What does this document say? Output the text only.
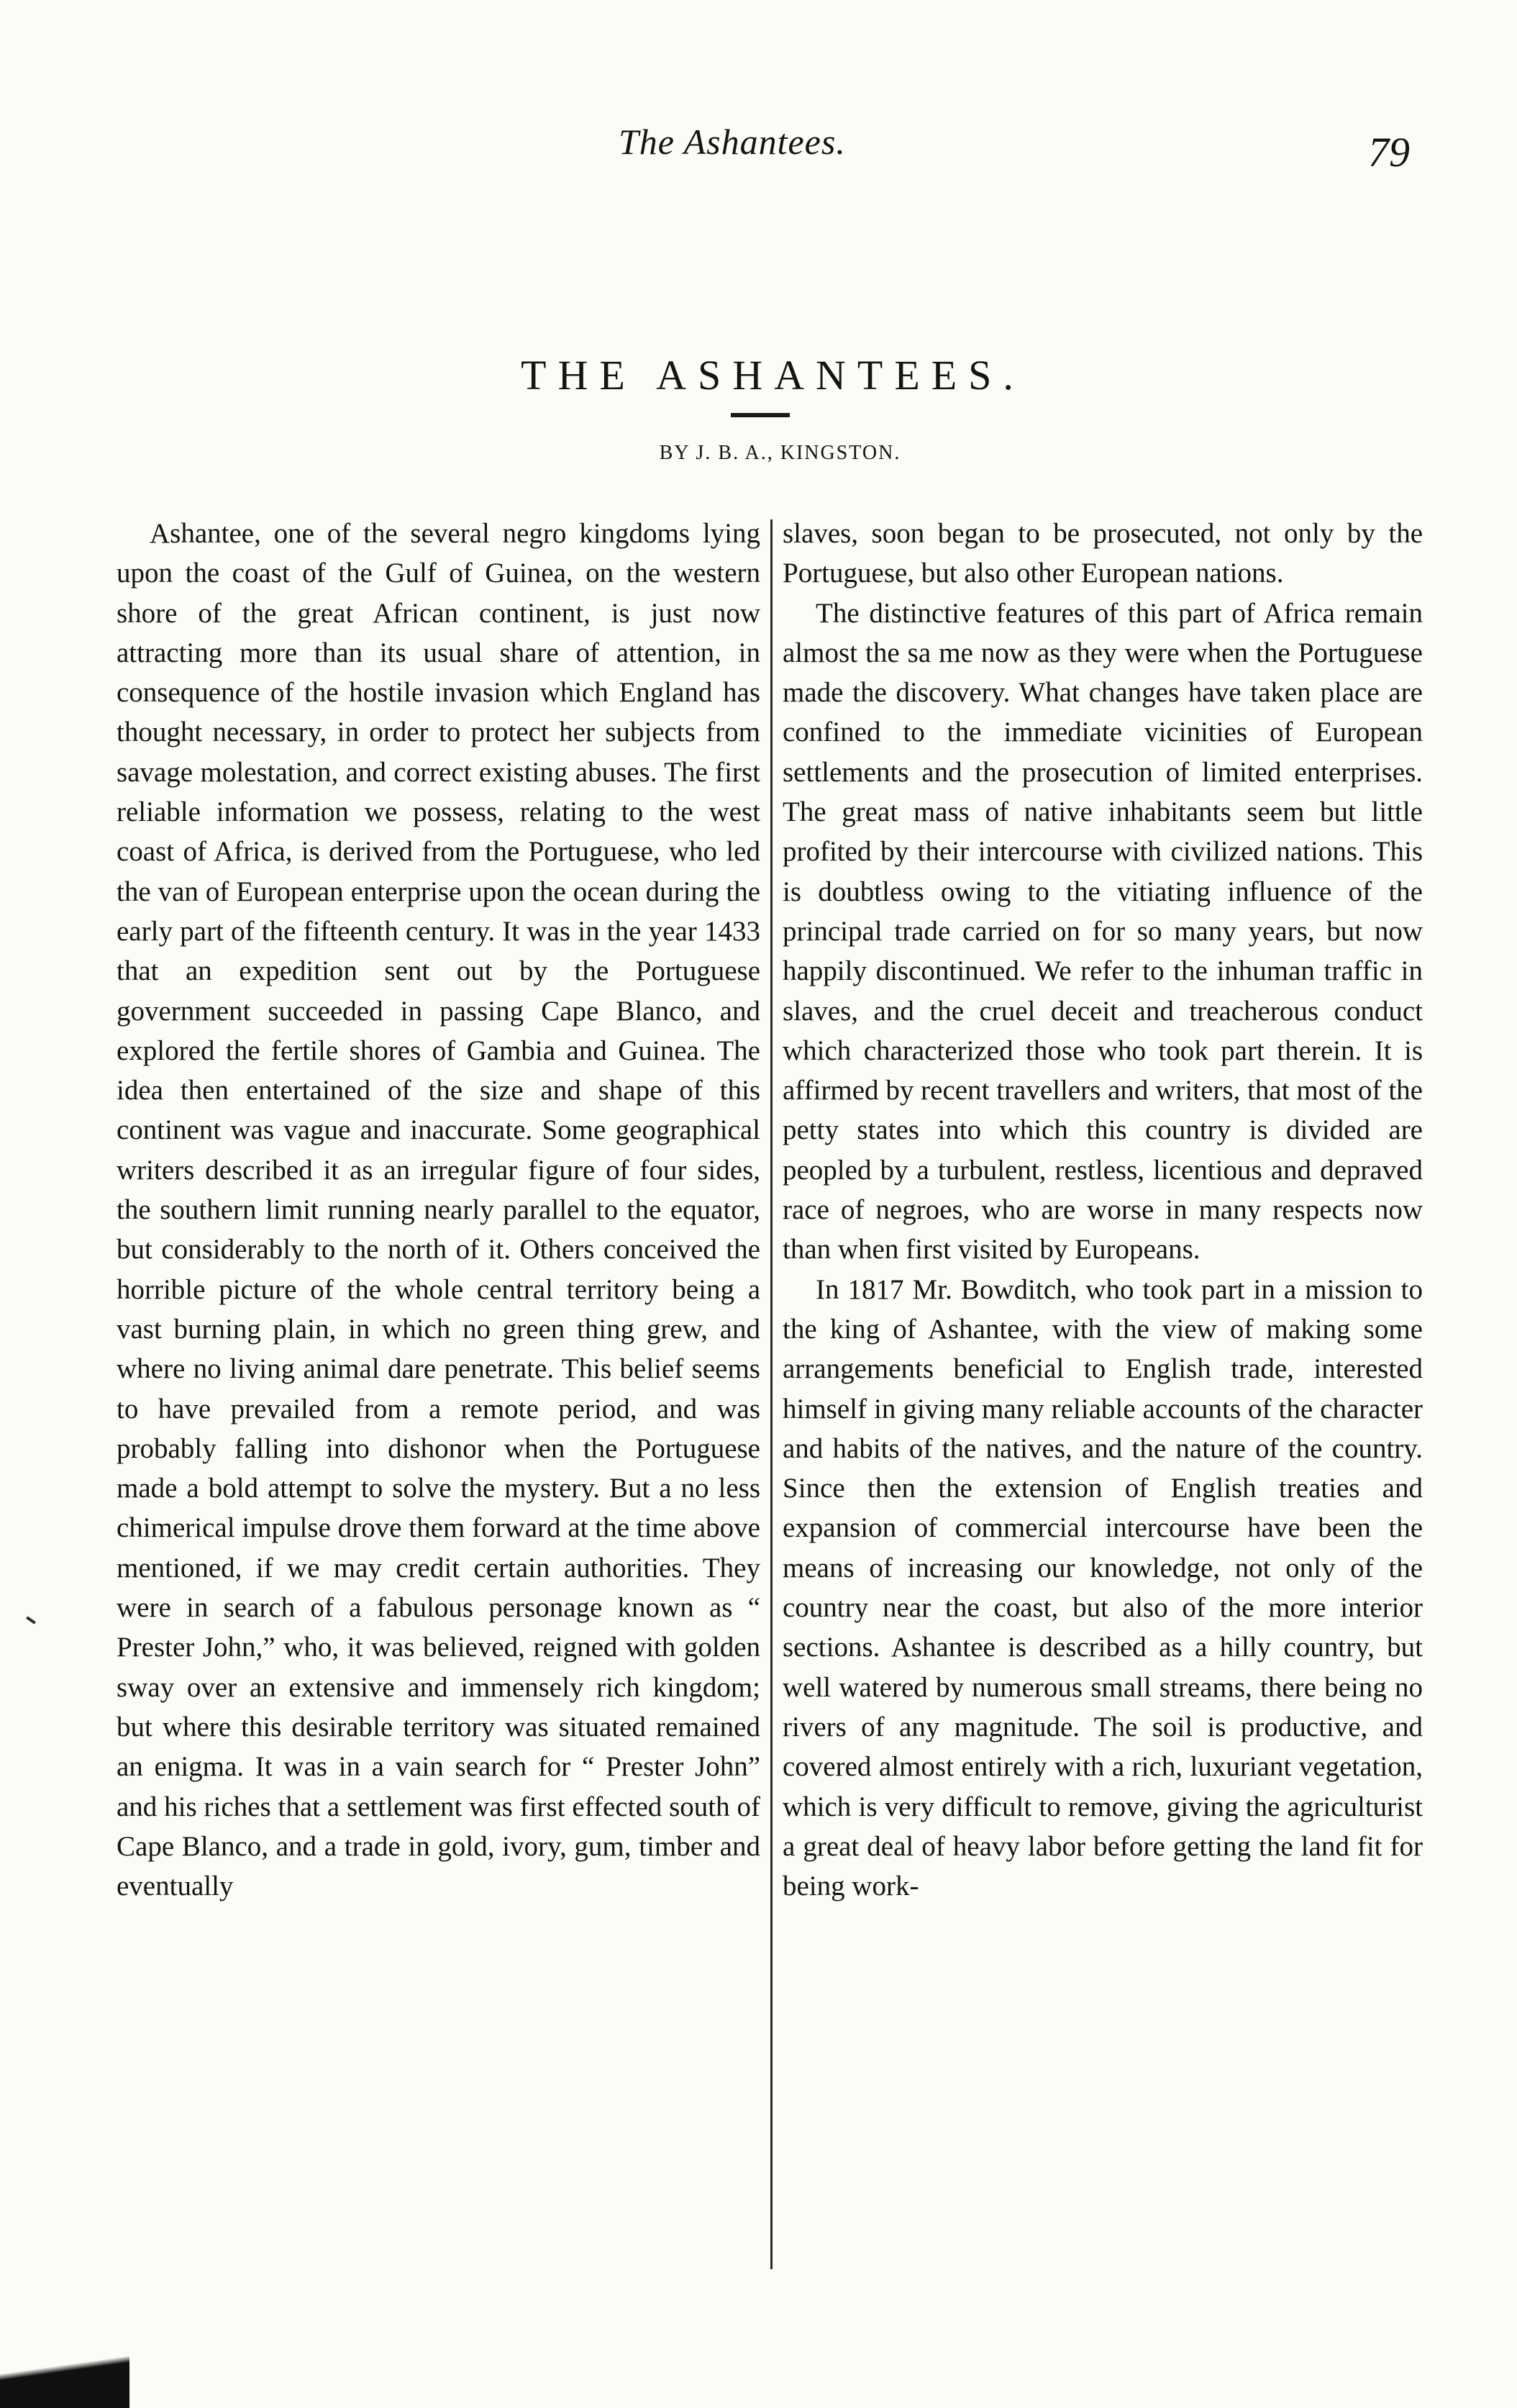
The Ashantees.	79
THE ASHANTEES.
BY J. B. A., KINGSTON.

Ashantee, one of the several negro kingdoms lying upon the coast of the Gulf of Guinea, on the western shore of the great African continent, is just now attracting more than its usual share of attention, in consequence of the hostile invasion which England has thought necessary, in order to protect her subjects from savage molestation, and correct existing abuses. The first reliable information we possess, relating to the west coast of Africa, is derived from the Portuguese, who led the van of European enterprise upon the ocean during the early part of the fifteenth century. It was in the year 1433 that an expedition sent out by the Portuguese government succeeded in passing Cape Blanco, and explored the fertile shores of Gambia and Guinea. The idea then entertained of the size and shape of this continent was vague and inaccurate. Some geographical writers described it as an irregular figure of four sides, the southern limit running nearly parallel to the equator, but considerably to the north of it. Others conceived the horrible picture of the whole central territory being a vast burning plain, in which no green thing grew, and where no living animal dare penetrate. This belief seems to have prevailed from a remote period, and was probably falling into dishonor when the Portuguese made a bold attempt to solve the mystery. But a no less chimerical impulse drove them forward at the time above mentioned, if we may credit certain authorities. They were in search of a fabulous personage known as “ Prester John,” who, it was believed, reigned with golden sway over an extensive and immensely rich kingdom; but where this desirable territory was situated remained an enigma. It was in a vain search for “ Prester John” and his riches that a settlement was first effected south of Cape Blanco, and a trade in gold, ivory, gum, timber and eventually

slaves, soon began to be prosecuted, not only by the Portuguese, but also other European nations.

The distinctive features of this part of Africa remain almost the sa me now as they were when the Portuguese made the discovery. What changes have taken place are confined to the immediate vicinities of European settlements and the prosecution of limited enterprises. The great mass of native inhabitants seem but little profited by their intercourse with civilized nations. This is doubtless owing to the vitiating influence of the principal trade carried on for so many years, but now happily discontinued. We refer to the inhuman traffic in slaves, and the cruel deceit and treacherous conduct which characterized those who took part therein. It is affirmed by recent travellers and writers, that most of the petty states into which this country is divided are peopled by a turbulent, restless, licentious and depraved race of negroes, who are worse in many respects now than when first visited by Europeans.

In 1817 Mr. Bowditch, who took part in a mission to the king of Ashantee, with the view of making some arrangements beneficial to English trade, interested himself in giving many reliable accounts of the character and habits of the natives, and the nature of the country. Since then the extension of English treaties and expansion of commercial intercourse have been the means of increasing our knowledge, not only of the country near the coast, but also of the more interior sections. Ashantee is described as a hilly country, but well watered by numerous small streams, there being no rivers of any magnitude. The soil is productive, and covered almost entirely with a rich, luxuriant vegetation, which is very difficult to remove, giving the agriculturist a great deal of heavy labor before getting the land fit for being work-
